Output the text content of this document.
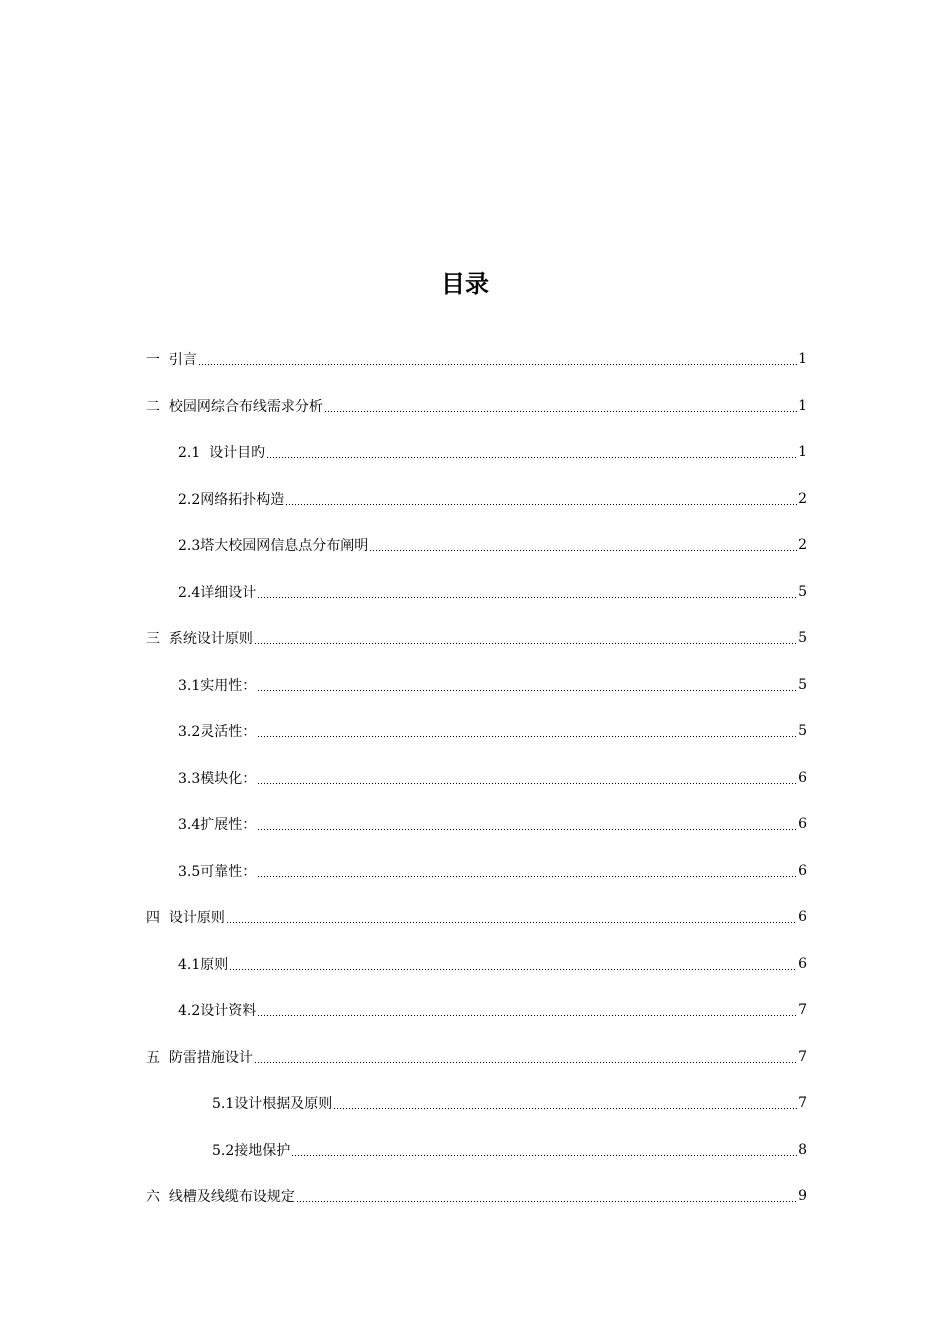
目录
一  引言	1
二  校园网综合布线需求分析	1
2.1  设计目旳	1
2.2网络拓扑构造	2
2.3塔大校园网信息点分布阐明	2
2.4详细设计	5
三  系统设计原则	5
3.1实用性：	5
3.2灵活性：	5
3.3模块化：	6
3.4扩展性：	6
3.5可靠性：	6
四  设计原则	6
4.1原则	6
4.2设计资料	7
五  防雷措施设计	7
5.1设计根据及原则	7
5.2接地保护	8
六  线槽及线缆布设规定	9
